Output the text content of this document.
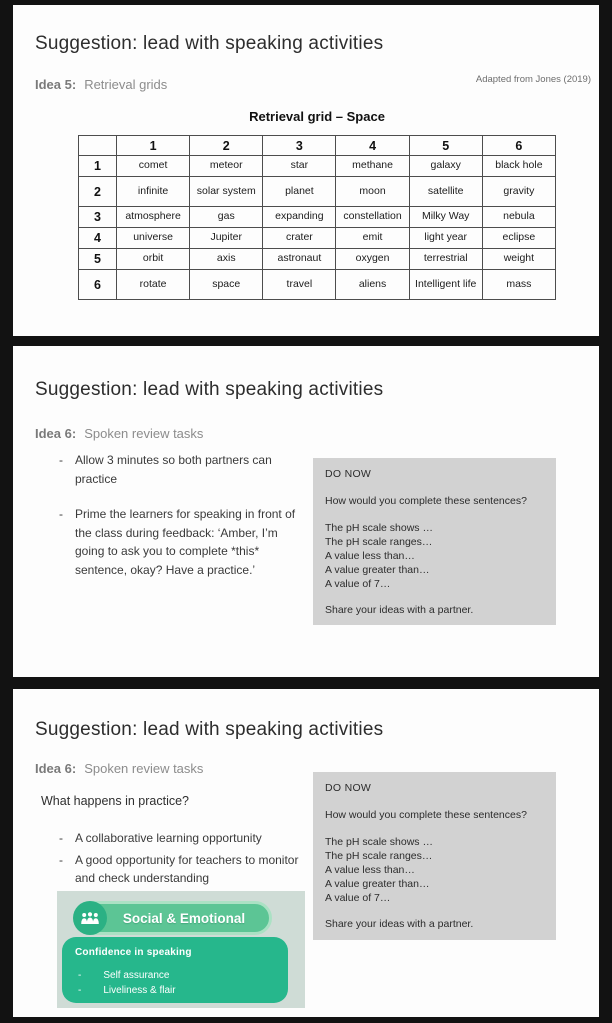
Suggestion: lead with speaking activities
Idea 5: Retrieval grids	Adapted from Jones (2019)
Retrieval grid – Space
	1	2	3	4	5	6
1	comet	meteor	star	methane	galaxy	black hole
2	infinite	solar system	planet	moon	satellite	gravity
3	atmosphere	gas	expanding	constellation	Milky Way	nebula
4	universe	Jupiter	crater	emit	light year	eclipse
5	orbit	axis	astronaut	oxygen	terrestrial	weight
6	rotate	space	travel	aliens	Intelligent life	mass
Suggestion: lead with speaking activities
Idea 6: Spoken review tasks
- Allow 3 minutes so both partners can practice
- Prime the learners for speaking in front of the class during feedback: ‘Amber, I’m going to ask you to complete *this* sentence, okay? Have a practice.’
DO NOW
How would you complete these sentences?
The pH scale shows …
The pH scale ranges…
A value less than…
A value greater than…
A value of 7…
Share your ideas with a partner.
Suggestion: lead with speaking activities
Idea 6: Spoken review tasks
What happens in practice?
- A collaborative learning opportunity
- A good opportunity for teachers to monitor and check understanding
Social & Emotional
Confidence in speaking
- Self assurance
- Liveliness & flair
DO NOW
How would you complete these sentences?
The pH scale shows …
The pH scale ranges…
A value less than…
A value greater than…
A value of 7…
Share your ideas with a partner.
